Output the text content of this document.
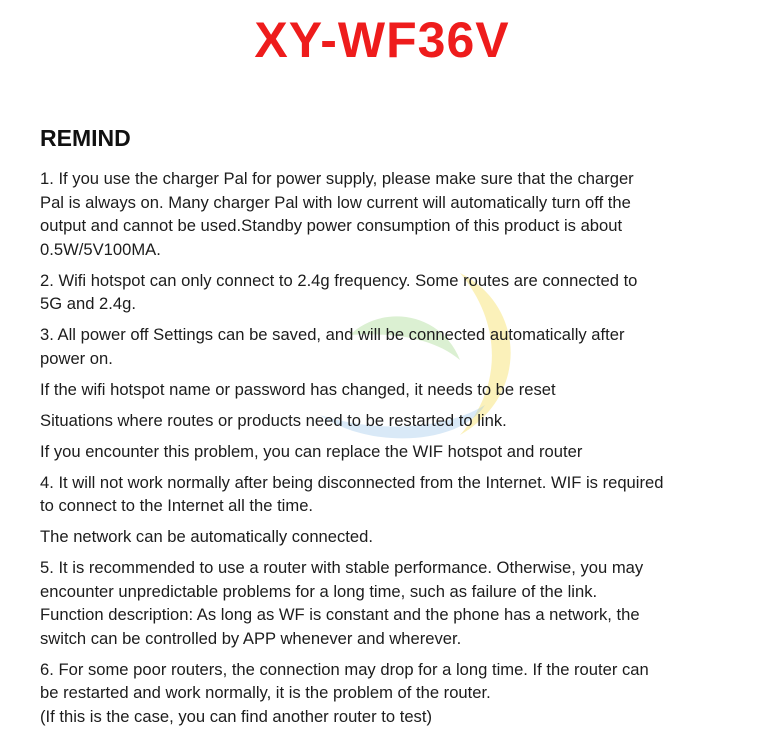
XY-WF36V
REMIND

1. If you use the charger Pal for power supply, please make sure that the charger
Pal is always on. Many charger Pal with low current will automatically turn off the
output and cannot be used.Standby power consumption of this product is about
0.5W/5V100MA.

2. Wifi hotspot can only connect to 2.4g frequency. Some routes are connected to
5G and 2.4g.

3. All power off Settings can be saved, and will be connected automatically after
power on.

If the wifi hotspot name or password has changed, it needs to be reset

Situations where routes or products need to be restarted to link.

If you encounter this problem, you can replace the WIF hotspot and router

4. It will not work normally after being disconnected from the Internet. WIF is required
to connect to the Internet all the time.

The network can be automatically connected.

5. It is recommended to use a router with stable performance. Otherwise, you may
encounter unpredictable problems for a long time, such as failure of the link.
Function description: As long as WF is constant and the phone has a network, the
switch can be controlled by APP whenever and wherever.

6. For some poor routers, the connection may drop for a long time. If the router can
be restarted and work normally, it is the problem of the router.
(If this is the case, you can find another router to test)
